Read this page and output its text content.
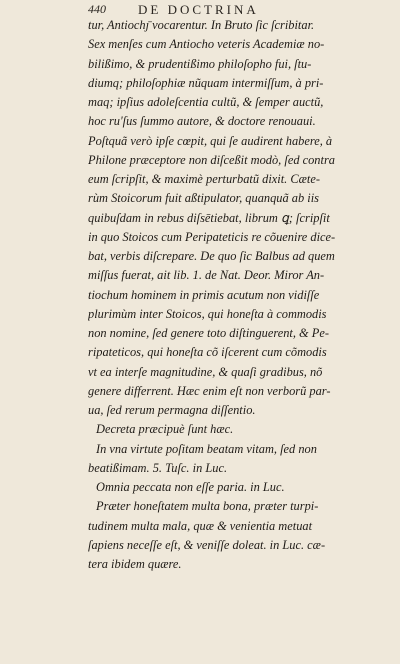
440 DE DOCTRINA
tur, Antiochȷ̄ vocarentur. In Bruto ſic ſcribitar.
Sex menſes cum Antiocho veteris Academiæ no-
bilißimo, & prudentißimo philoſopho fui, ſtu-
diumq; philoſophiæ nũquam intermiſſum, à pri-
maq; ipſius adoleſcentia cultũ, & ſemper auctũ,
hoc ru'ſus ſummo autore, & doctore renouaui.
Poſtquã verò ipſe cœpit, qui ſe audirent habere, à
Philone præceptore non diſceßit modò, ſed contra
eum ſcripſit, & maximè perturbatũ dixit. Cæte-
rùm Stoicorum fuit aßtipulator, quanquã ab iis
quibuſdam in rebus diſsētiebat, librum ꝗ; ſcripſit
in quo Stoicos cum Peripateticis re cõuenire dice-
bat, verbis diſcrepare. De quo ſic Balbus ad quem
miſſus fuerat, ait lib. 1. de Nat. Deor. Miror An-
tiochum hominem in primis acutum non vidiſſe
plurimùm inter Stoicos, qui honeſta à commodis
non nomine, ſed genere toto diſtinguerent, & Pe-
ripateticos, qui honeſta cõ iſcerent cum cõmodis
vt ea interſe magnitudine, & quaſi gradibus, nõ
genere differrent. Hæc enim eſt non verborũ par-
ua, ſed rerum permagna diſſentio.
Decreta præcipuè ſunt hæc.
In vna virtute poſitam beatam vitam, ſed non
beatißimam. 5. Tuſc. in Luc.
Omnia peccata non eſſe paria. in Luc.
Præter honeſtatem multa bona, præter turpi-
tudinem multa mala, quæ & venientia metuat
ſapiens neceſſe eſt, & veniſſe doleat. in Luc. cæ-
tera ibidem quære.
